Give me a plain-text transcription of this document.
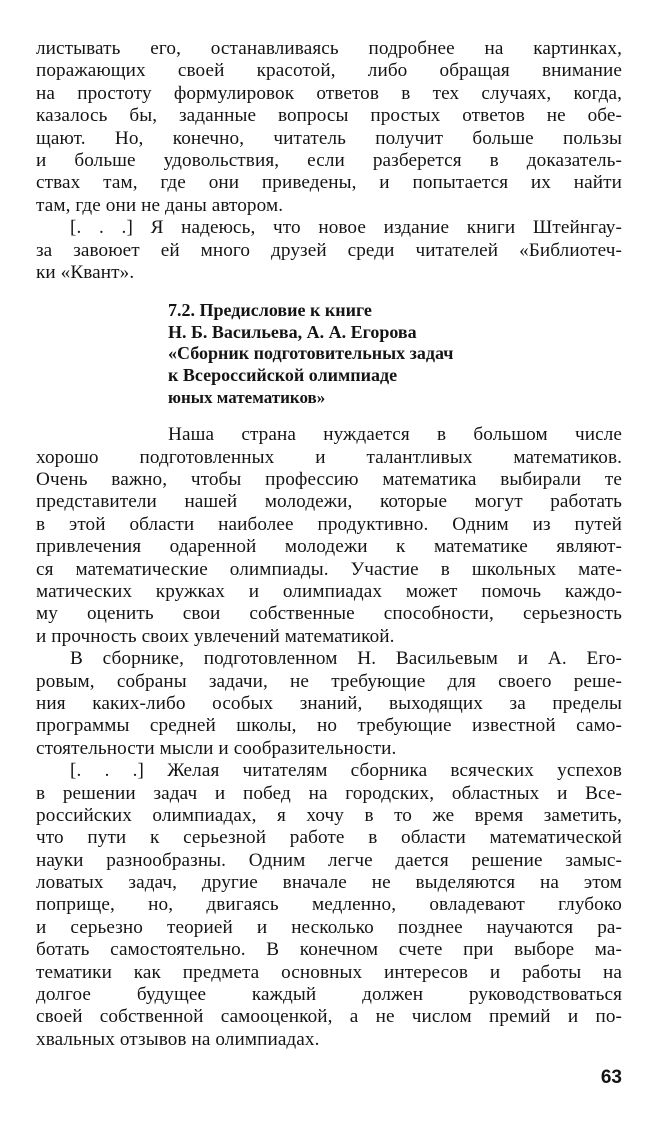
листывать его, останавливаясь подробнее на картинках,
поражающих своей красотой, либо обращая внимание
на простоту формулировок ответов в тех случаях, когда,
казалось бы, заданные вопросы простых ответов не обе-
щают. Но, конечно, читатель получит больше пользы
и больше удовольствия, если разберется в доказатель-
ствах там, где они приведены, и попытается их найти
там, где они не даны автором.
[. . .] Я надеюсь, что новое издание книги Штейнгау-
за завоюет ей много друзей среди читателей «Библиотеч-
ки «Квант».
7.2. Предисловие к книге
Н. Б. Васильева, А. А. Егорова
«Сборник подготовительных задач
к Всероссийской олимпиаде
юных математиков»
Наша страна нуждается в большом числе
хорошо подготовленных и талантливых математиков.
Очень важно, чтобы профессию математика выбирали те
представители нашей молодежи, которые могут работать
в этой области наиболее продуктивно. Одним из путей
привлечения одаренной молодежи к математике являют-
ся математические олимпиады. Участие в школьных мате-
матических кружках и олимпиадах может помочь каждо-
му оценить свои собственные способности, серьезность
и прочность своих увлечений математикой.
В сборнике, подготовленном Н. Васильевым и А. Его-
ровым, собраны задачи, не требующие для своего реше-
ния каких-либо особых знаний, выходящих за пределы
программы средней школы, но требующие известной само-
стоятельности мысли и сообразительности.
[. . .] Желая читателям сборника всяческих успехов
в решении задач и побед на городских, областных и Все-
российских олимпиадах, я хочу в то же время заметить,
что пути к серьезной работе в области математической
науки разнообразны. Одним легче дается решение замыс-
ловатых задач, другие вначале не выделяются на этом
поприще, но, двигаясь медленно, овладевают глубоко
и серьезно теорией и несколько позднее научаются ра-
ботать самостоятельно. В конечном счете при выборе ма-
тематики как предмета основных интересов и работы на
долгое будущее каждый должен руководствоваться
своей собственной самооценкой, а не числом премий и по-
хвальных отзывов на олимпиадах.
63
